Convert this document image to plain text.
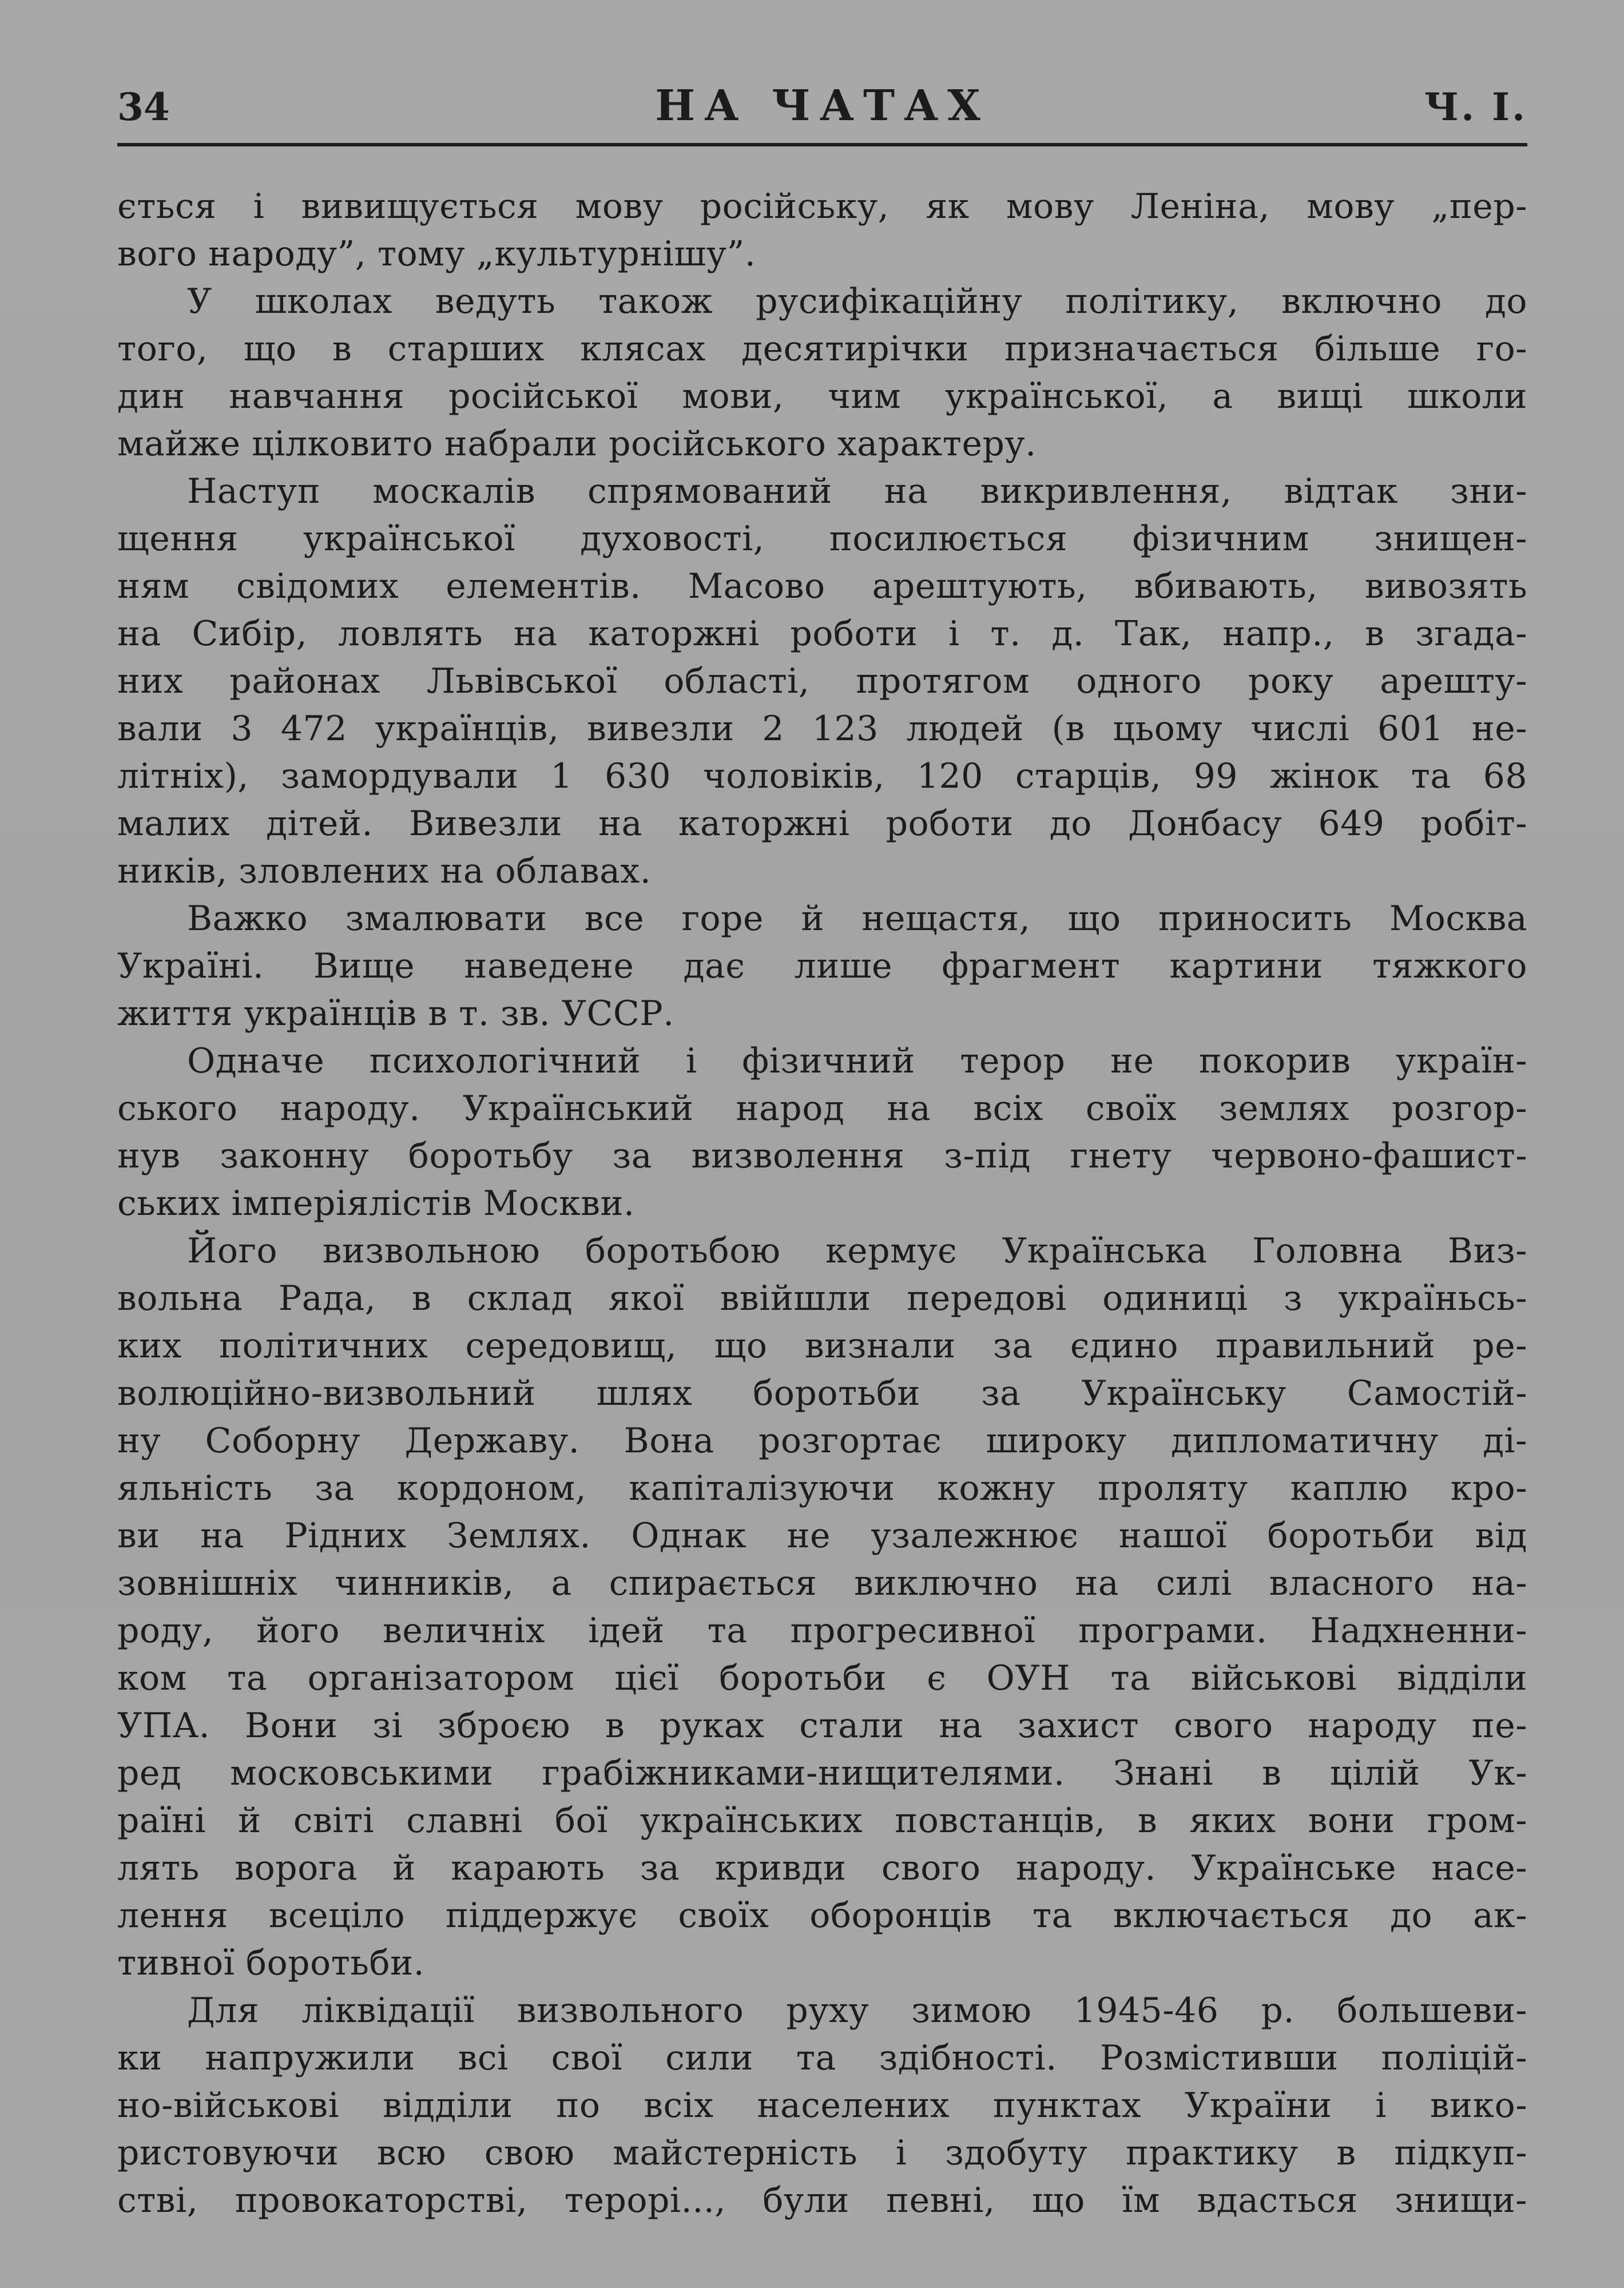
34	НА ЧАТАХ	Ч. І.

ється і вивищується мову російську, як мову Леніна, мову „пер-
вого народу”, тому „культурнішу”.

У школах ведуть також русифікаційну політику, включно до
того, що в старших клясах десятирічки призначається більше го-
дин навчання російської мови, чим української, а вищі школи
майже цілковито набрали російського характеру.

Наступ москалів спрямований на викривлення, відтак зни-
щення української духовості, посилюється фізичним знищен-
ням свідомих елементів. Масово арештують, вбивають, вивозять
на Сибір, ловлять на каторжні роботи і т. д. Так, напр., в згада-
них районах Львівської області, протягом одного року арешту-
вали 3 472 українців, вивезли 2 123 людей (в цьому числі 601 не-
літніх), замордували 1 630 чоловіків, 120 старців, 99 жінок та 68
малих дітей. Вивезли на каторжні роботи до Донбасу 649 робіт-
ників, зловлених на облавах.

Важко змалювати все горе й нещастя, що приносить Москва
Україні. Вище наведене дає лише фрагмент картини тяжкого
життя українців в т. зв. УССР.

Одначе психологічний і фізичний терор не покорив україн-
ського народу. Український народ на всіх своїх землях розгор-
нув законну боротьбу за визволення з-під гнету червоно-фашист-
ських імперіялістів Москви.

Його визвольною боротьбою кермує Українська Головна Виз-
вольна Рада, в склад якої ввійшли передові одиниці з україньсь-
ких політичних середовищ, що визнали за єдино правильний ре-
волюційно-визвольний шлях боротьби за Українську Самостій-
ну Соборну Державу. Вона розгортає широку дипломатичну ді-
яльність за кордоном, капіталізуючи кожну проляту каплю кро-
ви на Рідних Землях. Однак не узалежнює нашої боротьби від
зовнішніх чинників, а спирається виключно на силі власного на-
роду, його величніх ідей та прогресивної програми. Надхненни-
ком та організатором цієї боротьби є ОУН та військові відділи
УПА. Вони зі зброєю в руках стали на захист свого народу пе-
ред московськими грабіжниками-нищителями. Знані в цілій Ук-
раїні й світі славні бої українських повстанців, в яких вони гром-
лять ворога й карають за кривди свого народу. Українське насе-
лення всеціло піддержує своїх оборонців та включається до ак-
тивної боротьби.

Для ліквідації визвольного руху зимою 1945-46 р. большеви-
ки напружили всі свої сили та здібності. Розмістивши поліцій-
но-військові відділи по всіх населених пунктах України і вико-
ристовуючи всю свою майстерність і здобуту практику в підкуп-
стві, провокаторстві, терорі..., були певні, що їм вдасться знищи-
